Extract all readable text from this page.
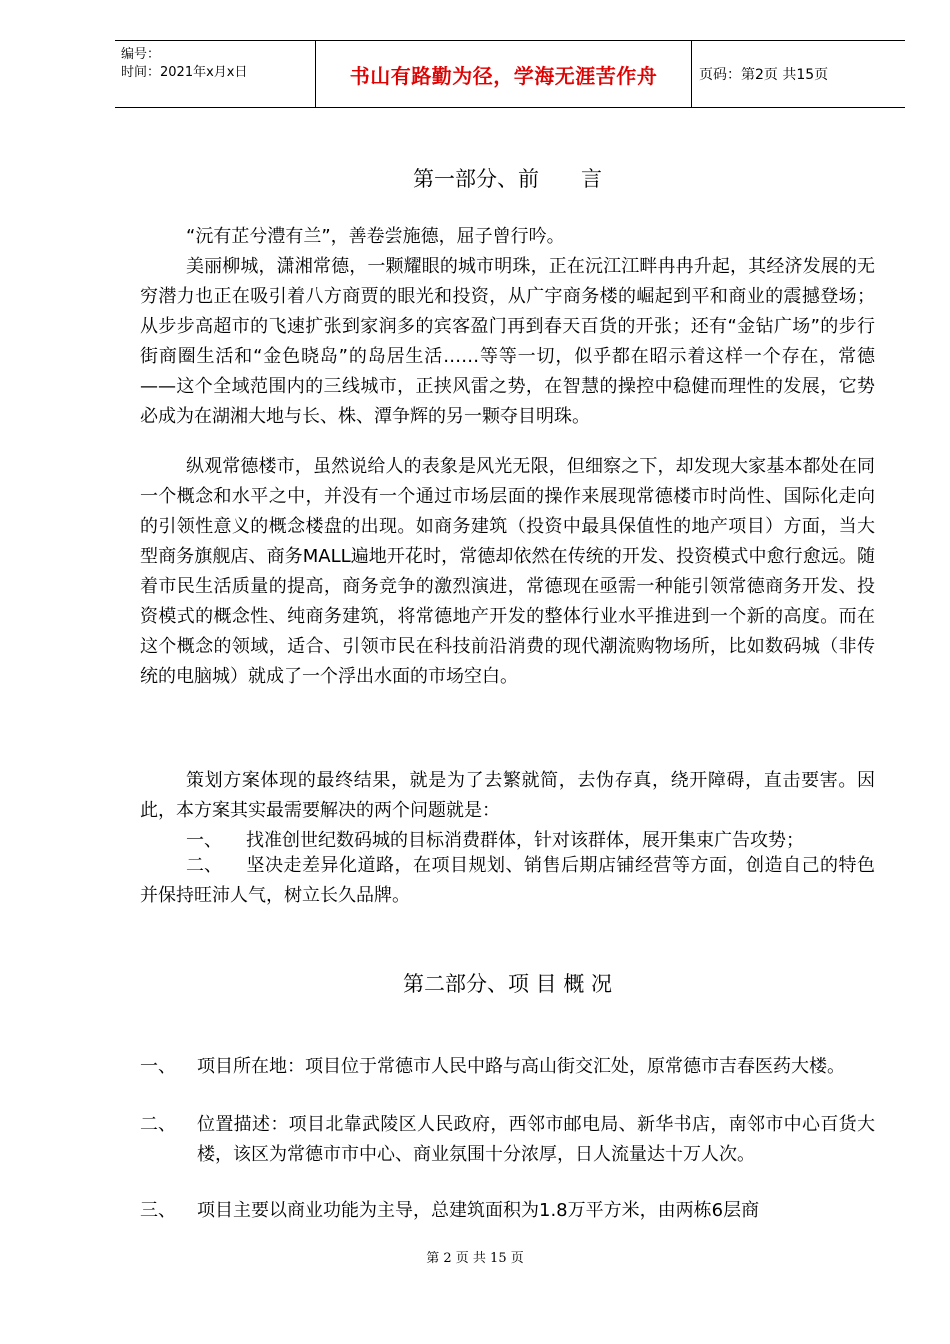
编号：
时间：2021年x月x日	书山有路勤为径，学海无涯苦作舟	页码：第2页 共15页
第一部分、前　　言
“沅有芷兮澧有兰”，善卷尝施德，屈子曾行吟。
美丽柳城，潇湘常德，一颗耀眼的城市明珠，正在沅江江畔冉冉升起，其经济发展的无穷潜力也正在吸引着八方商贾的眼光和投资，从广宇商务楼的崛起到平和商业的震撼登场；从步步高超市的飞速扩张到家润多的宾客盈门再到春天百货的开张；还有“金钻广场”的步行街商圈生活和“金色晓岛”的岛居生活……等等一切，似乎都在昭示着这样一个存在，常德——这个全域范围内的三线城市，正挟风雷之势，在智慧的操控中稳健而理性的发展，它势必成为在湖湘大地与长、株、潭争辉的另一颗夺目明珠。
纵观常德楼市，虽然说给人的表象是风光无限，但细察之下，却发现大家基本都处在同一个概念和水平之中，并没有一个通过市场层面的操作来展现常德楼市时尚性、国际化走向的引领性意义的概念楼盘的出现。如商务建筑（投资中最具保值性的地产项目）方面，当大型商务旗舰店、商务MALL遍地开花时，常德却依然在传统的开发、投资模式中愈行愈远。随着市民生活质量的提高，商务竞争的激烈演进，常德现在亟需一种能引领常德商务开发、投资模式的概念性、纯商务建筑，将常德地产开发的整体行业水平推进到一个新的高度。而在这个概念的领域，适合、引领市民在科技前沿消费的现代潮流购物场所，比如数码城（非传统的电脑城）就成了一个浮出水面的市场空白。
策划方案体现的最终结果，就是为了去繁就简，去伪存真，绕开障碍，直击要害。因此，本方案其实最需要解决的两个问题就是：
一、 找准创世纪数码城的目标消费群体，针对该群体，展开集束广告攻势；
二、 坚决走差异化道路，在项目规划、销售后期店铺经营等方面，创造自己的特色并保持旺沛人气，树立长久品牌。
第二部分、项 目 概 况
一、 项目所在地：项目位于常德市人民中路与高山街交汇处，原常德市吉春医药大楼。
二、 位置描述：项目北靠武陵区人民政府，西邻市邮电局、新华书店，南邻市中心百货大楼，该区为常德市市中心、商业氛围十分浓厚，日人流量达十万人次。
三、 项目主要以商业功能为主导，总建筑面积为1.8万平方米，由两栋6层商
第 2 页 共 15 页
